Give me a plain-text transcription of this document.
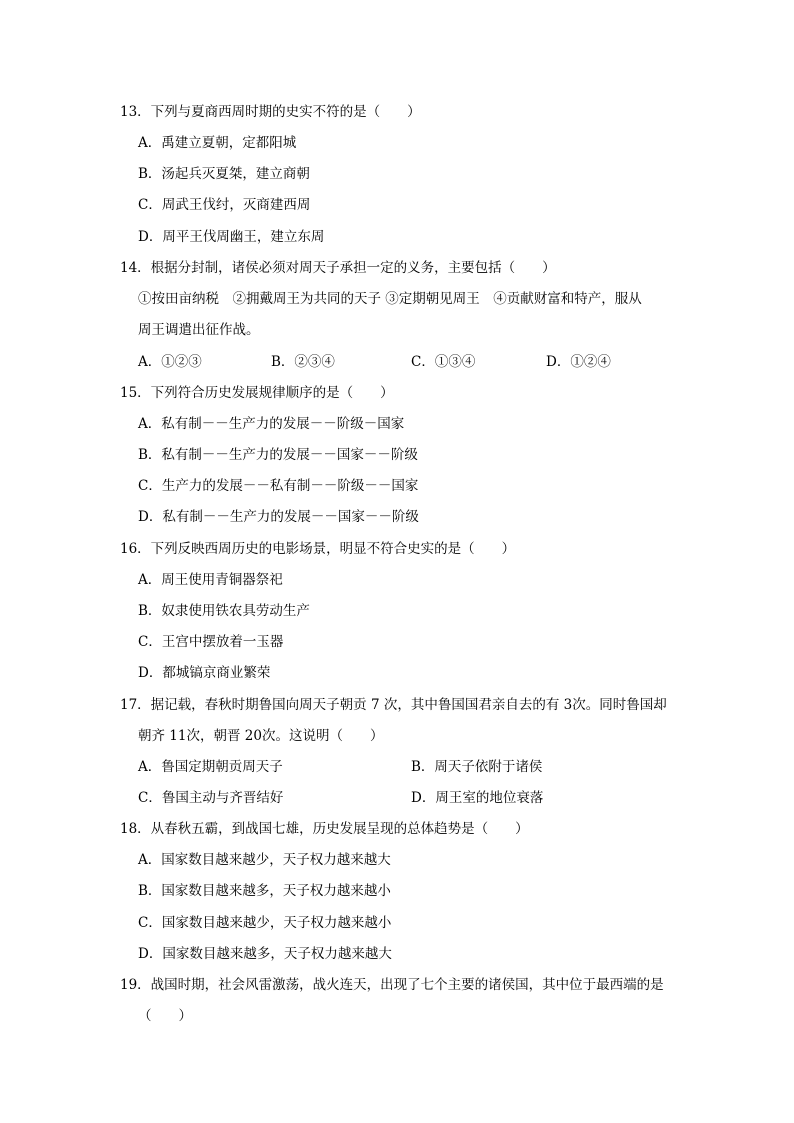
13．下列与夏商西周时期的史实不符的是（　　）
A．禹建立夏朝，定都阳城
B．汤起兵灭夏桀，建立商朝
C．周武王伐纣，灭商建西周
D．周平王伐周幽王，建立东周
14．根据分封制，诸侯必须对周天子承担一定的义务，主要包括（　　）
①按田亩纳税　②拥戴周王为共同的天子 ③定期朝见周王　④贡献财富和特产，服从
周王调遣出征作战。
A．①②③	B．②③④	C．①③④	D．①②④
15．下列符合历史发展规律顺序的是（　　）
A．私有制－－生产力的发展－－阶级－国家
B．私有制－－生产力的发展－－国家－－阶级
C．生产力的发展－－私有制－－阶级－－国家
D．私有制－－生产力的发展－－国家－－阶级
16．下列反映西周历史的电影场景，明显不符合史实的是（　　）
A．周王使用青铜器祭祀
B．奴隶使用铁农具劳动生产
C．王宫中摆放着一玉器
D．都城镐京商业繁荣
17．据记载，春秋时期鲁国向周天子朝贡 7 次，其中鲁国国君亲自去的有 3次。同时鲁国却
朝齐 11次，朝晋 20次。这说明（　　）
A．鲁国定期朝贡周天子	B．周天子依附于诸侯
C．鲁国主动与齐晋结好	D．周王室的地位衰落
18．从春秋五霸，到战国七雄，历史发展呈现的总体趋势是（　　）
A．国家数目越来越少，天子权力越来越大
B．国家数目越来越多，天子权力越来越小
C．国家数目越来越少，天子权力越来越小
D．国家数目越来越多，天子权力越来越大
19．战国时期，社会风雷激荡，战火连天，出现了七个主要的诸侯国，其中位于最西端的是
（　　）
